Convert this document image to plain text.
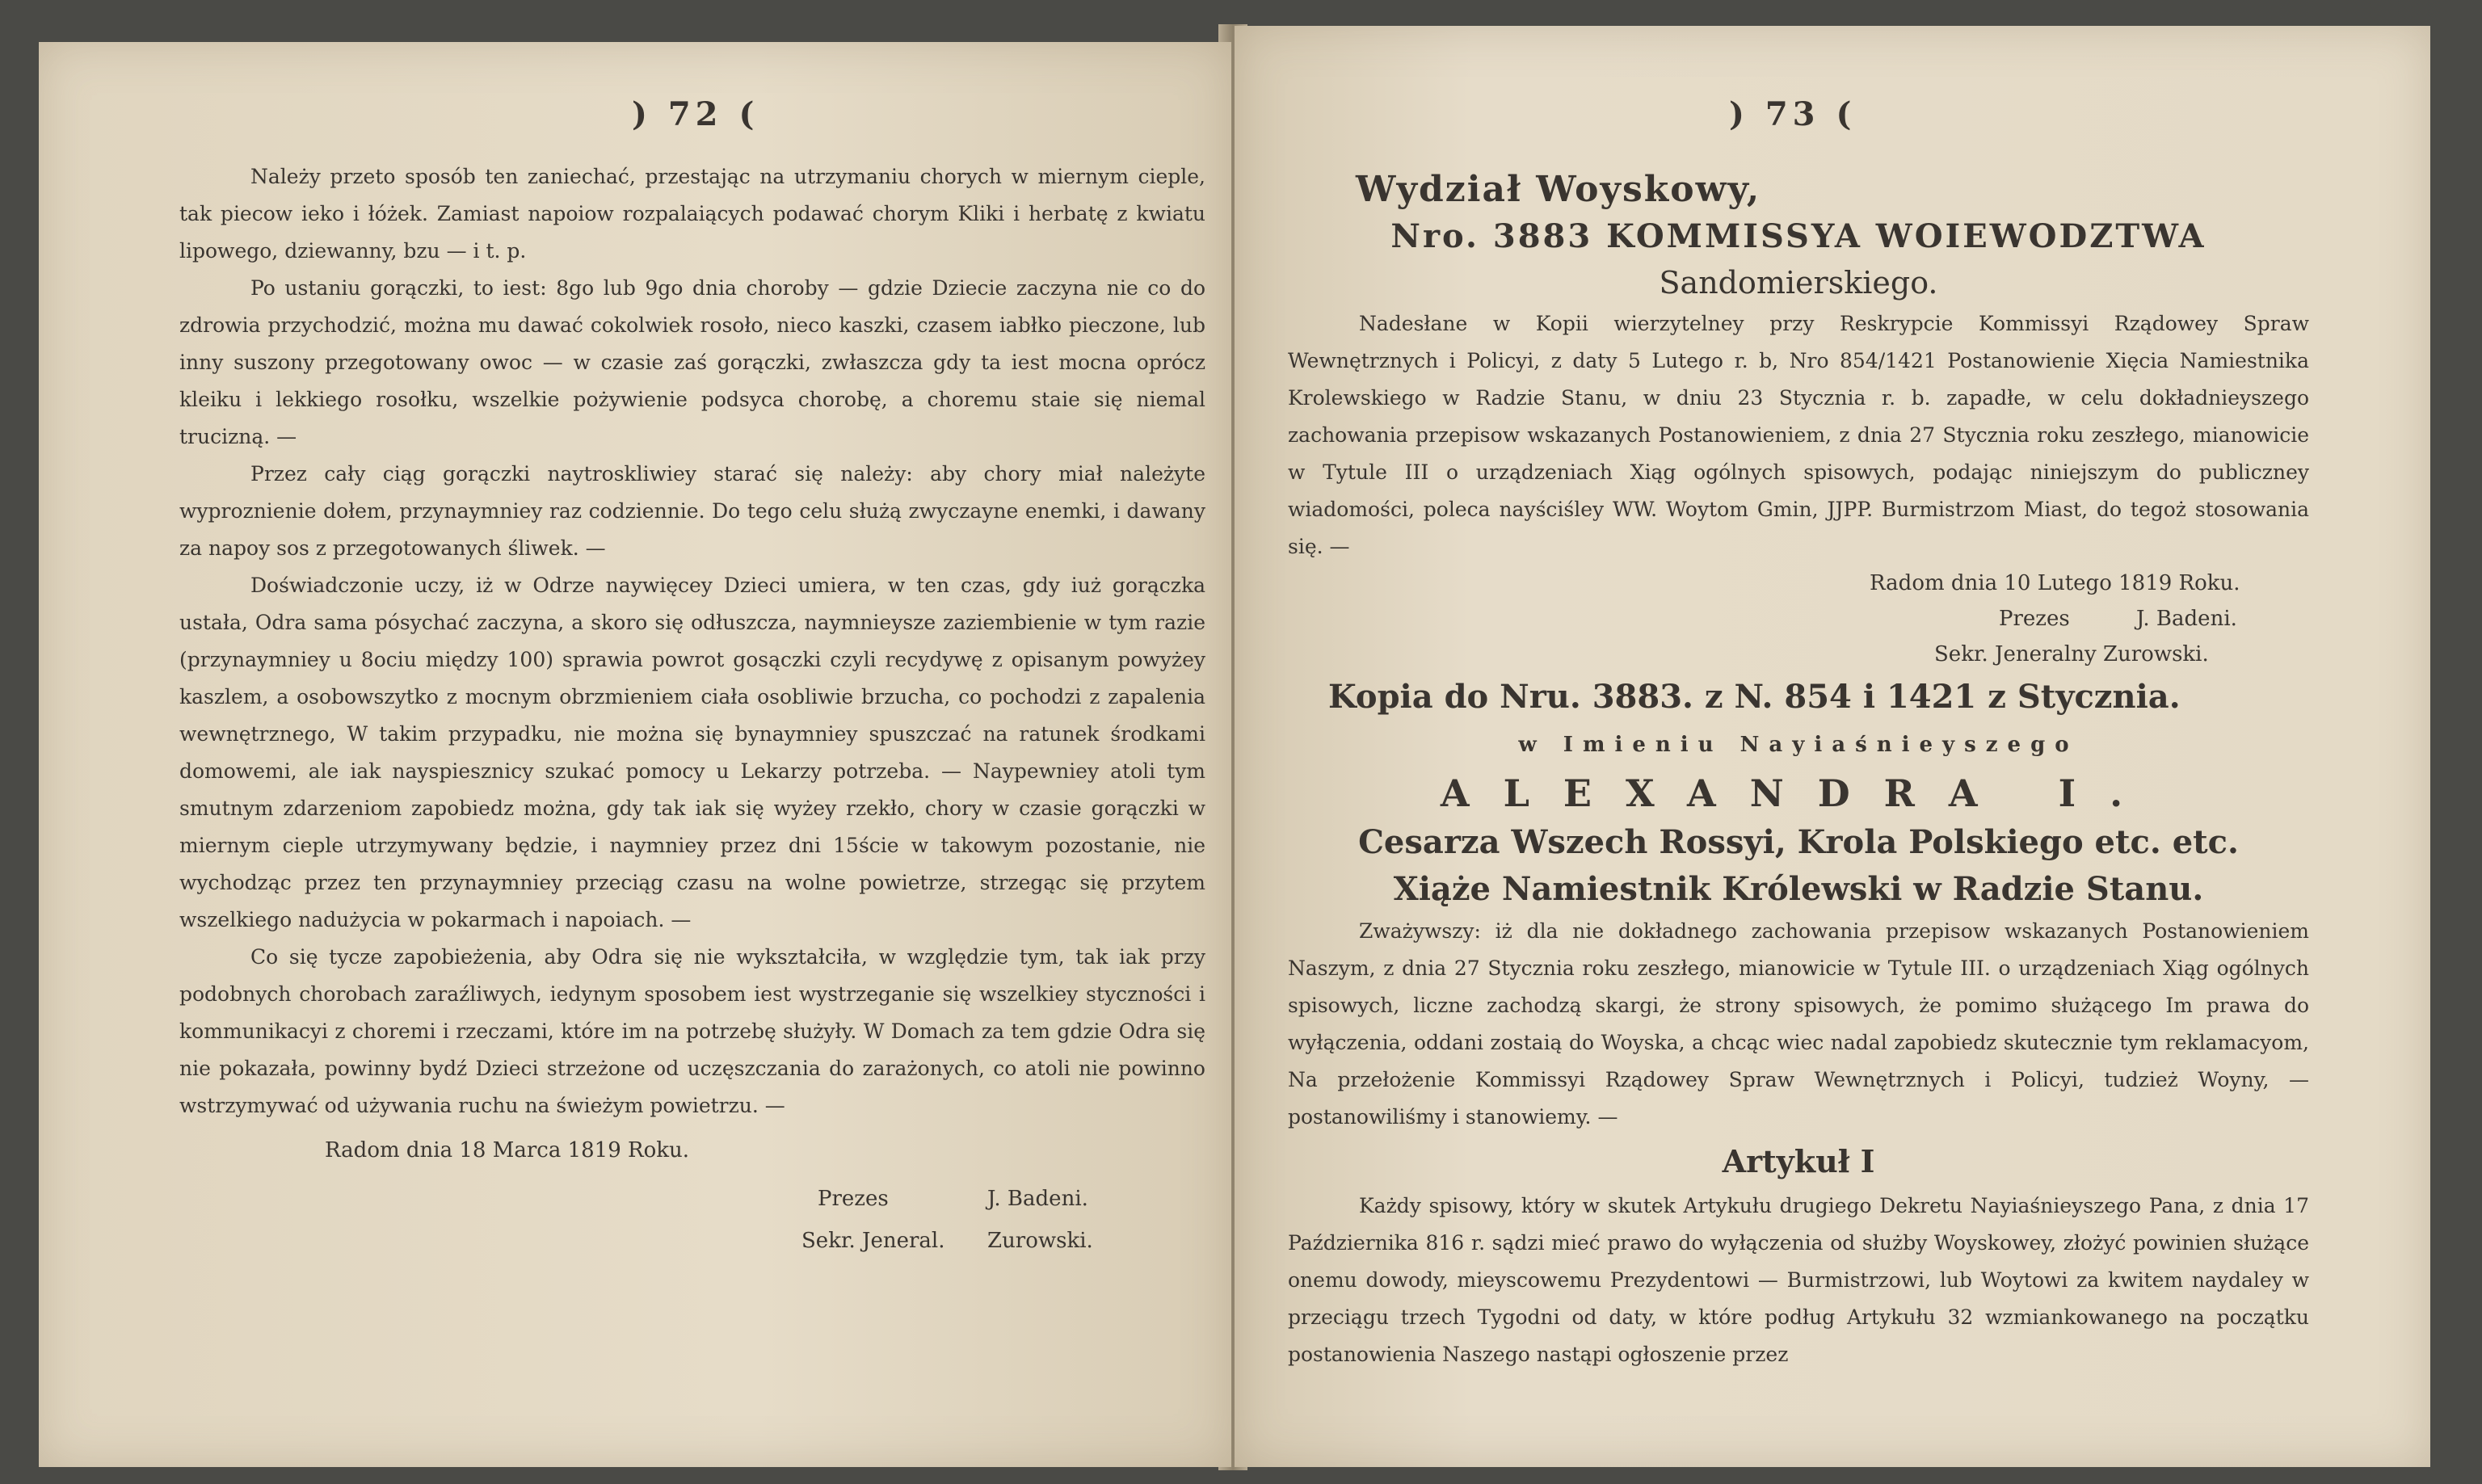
) 72 (

Należy przeto sposób ten zaniechać, przestając na utrzymaniu chorych w miernym cieple, tak piecow ieko i łóżek. Zamiast napoiow rozpalaiących podawać chorym Kliki i herbatę z kwiatu lipowego, dziewanny, bzu — i t. p.

Po ustaniu gorączki, to iest: 8go lub 9go dnia choroby — gdzie Dziecie zaczyna nie co do zdrowia przychodzić, można mu dawać cokolwiek rosoło, nieco kaszki, czasem iabłko pieczone, lub inny suszony przegotowany owoc — w czasie zaś gorączki, zwłaszcza gdy ta iest mocna oprócz kleiku i lekkiego rosołku, wszelkie pożywienie podsyca chorobę, a choremu staie się niemal trucizną. —

Przez cały ciąg gorączki naytroskliwiey starać się należy: aby chory miał należyte wyproznienie dołem, przynaymniey raz codziennie. Do tego celu służą zwyczayne enemki, i dawany za napoy sos z przegotowanych śliwek. —

Doświadczonie uczy, iż w Odrze naywięcey Dzieci umiera, w ten czas, gdy iuż gorączka ustała, Odra sama pósychać zaczyna, a skoro się odłuszcza, naymnieysze zaziembienie w tym razie (przynaymniey u 8ociu między 100) sprawia powrot gosączki czyli recydywę z opisanym powyżey kaszlem, a osobowszytko z mocnym obrzmieniem ciała osobliwie brzucha, co pochodzi z zapalenia wewnętrznego, W takim przypadku, nie można się bynaymniey spuszczać na ratunek środkami domowemi, ale iak nayspiesznicy szukać pomocy u Lekarzy potrzeba. — Naypewniey atoli tym smutnym zdarzeniom zapobiedz można, gdy tak iak się wyżey rzekło, chory w czasie gorączki w miernym cieple utrzymywany będzie, i naymniey przez dni 15ście w takowym pozostanie, nie wychodząc przez ten przynaymniey przeciąg czasu na wolne powietrze, strzegąc się przytem wszelkiego nadużycia w pokarmach i napoiach. —

Co się tycze zapobieżenia, aby Odra się nie wykształciła, w względzie tym, tak iak przy podobnych chorobach zaraźliwych, iedynym sposobem iest wystrzeganie się wszelkiey styczności i kommunikacyi z choremi i rzeczami, które im na potrzebę służyły. W Domach za tem gdzie Odra się nie pokazała, powinny bydź Dzieci strzeżone od uczęszczania do zarażonych, co atoli nie powinno wstrzymywać od używania ruchu na świeżym powietrzu. —

Radom dnia 18 Marca 1819 Roku.
Prezes	J. Badeni.
Sekr. Jeneral. Zurowski.
) 73 (
Wydział Woyskowy,
Nro. 3883 KOMMISSYA WOIEWODZTWA
Sandomierskiego.

Nadesłane w Kopii wierzytelney przy Reskrypcie Kommissyi Rządowey Spraw Wewnętrznych i Policyi, z daty 5 Lutego r. b, Nro 854/1421 Postanowienie Xięcia Namiestnika Krolewskiego w Radzie Stanu, w dniu 23 Stycznia r. b. zapadłe, w celu dokładnieyszego zachowania przepisow wskazanych Postanowieniem, z dnia 27 Stycznia roku zeszłego, mianowicie w Tytule III o urządzeniach Xiąg ogólnych spisowych, podając niniejszym do publiczney wiadomości, poleca nayściśley WW. Woytom Gmin, JJPP. Burmistrzom Miast, do tegoż stosowania się. —

Radom dnia 10 Lutego 1819 Roku.
Prezes	J. Badeni.
Sekr. Jeneralny Zurowski.
Kopia do Nru. 3883. z N. 854 i 1421 z Stycznia.
w Imieniu Nayiaśnieyszego
ALEXANDRA I.
Cesarza Wszech Rossyi, Krola Polskiego etc. etc.
Xiąże Namiestnik Królewski w Radzie Stanu.

Zważywszy: iż dla nie dokładnego zachowania przepisow wskazanych Postanowieniem Naszym, z dnia 27 Stycznia roku zeszłego, mianowicie w Tytule III. o urządzeniach Xiąg ogólnych spisowych, liczne zachodzą skargi, że strony spisowych, że pomimo służącego Im prawa do wyłączenia, oddani zostaią do Woyska, a chcąc wiec nadal zapobiedz skutecznie tym reklamacyom, Na przełożenie Kommissyi Rządowey Spraw Wewnętrznych i Policyi, tudzież Woyny, — postanowiliśmy i stanowiemy. —

Artykuł I

Każdy spisowy, który w skutek Artykułu drugiego Dekretu Nayiaśnieyszego Pana, z dnia 17 Października 816 r. sądzi mieć prawo do wyłączenia od służby Woyskowey, złożyć powinien służące onemu dowody, mieyscowemu Prezydentowi — Burmistrzowi, lub Woytowi za kwitem naydaley w przeciągu trzech Tygodni od daty, w które podług Artykułu 32 wzmiankowanego na początku postanowienia Naszego nastąpi ogłoszenie przez
